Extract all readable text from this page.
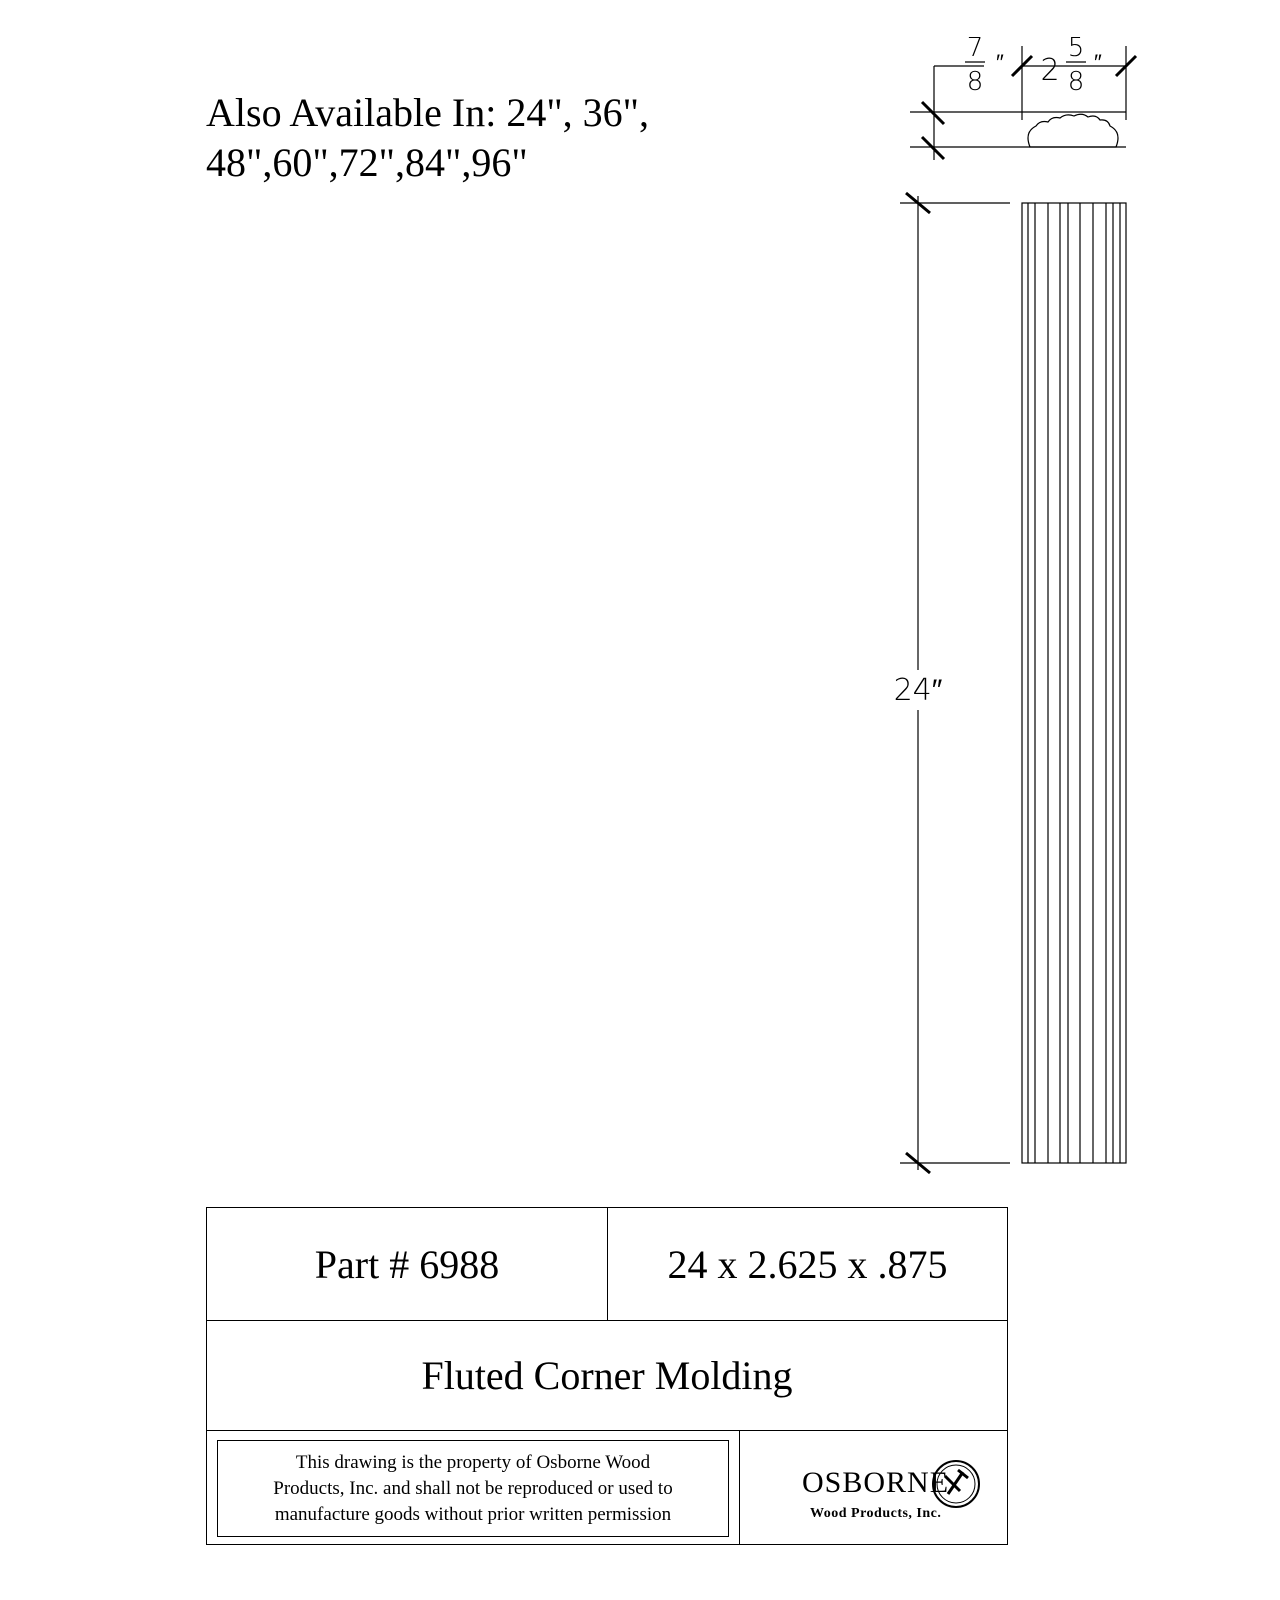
Also Available In: 24", 36",
48",60",72",84",96"
7
8
″ 2
5
8
″
24″
Part # 6988	24 x 2.625 x .875
Fluted Corner Molding
This drawing is the property of Osborne Wood
Products, Inc. and shall not be reproduced or used to
manufacture goods without prior written permission
OSBORNE
Wood Products, Inc.
